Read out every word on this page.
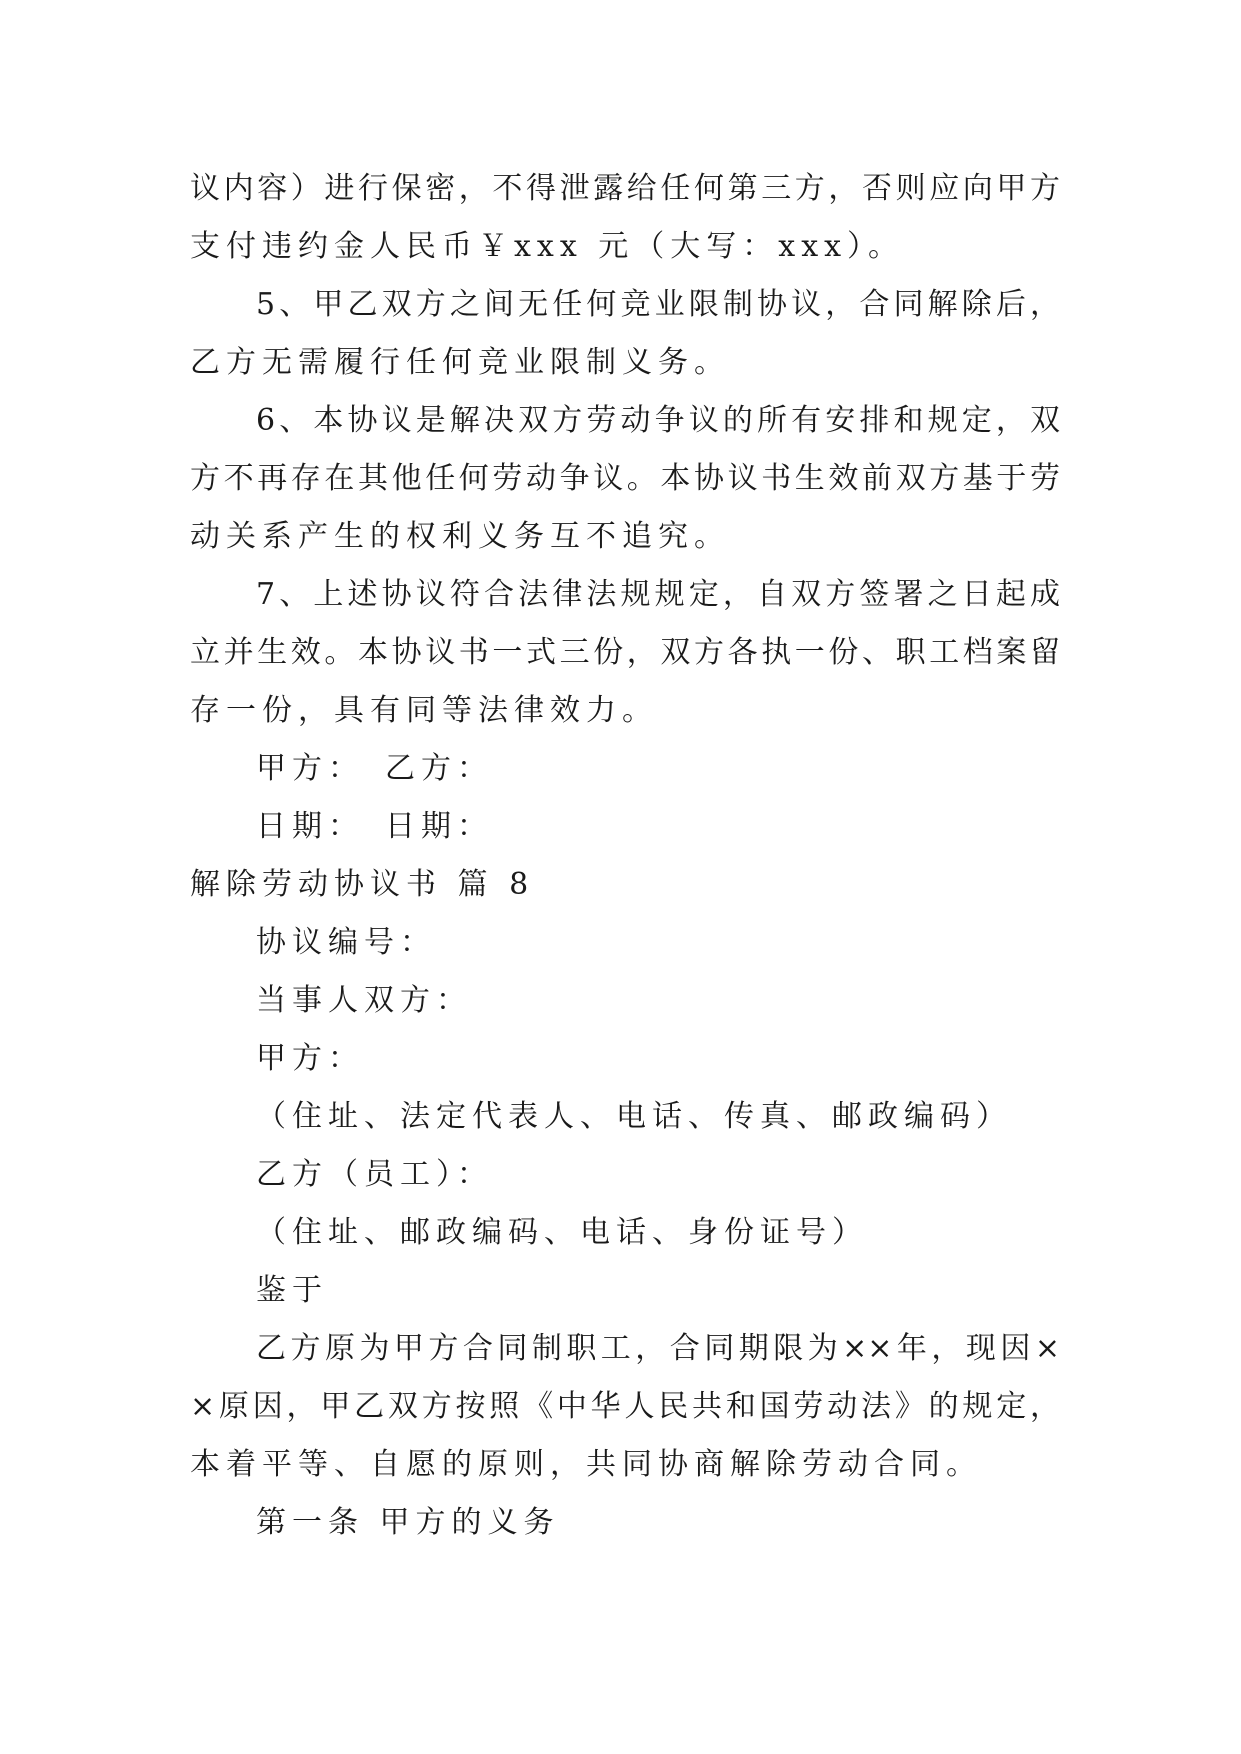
议内容）进行保密，不得泄露给任何第三方，否则应向甲方
支付违约金人民币￥xxx 元（大写：xxx）。
5、甲乙双方之间无任何竞业限制协议，合同解除后，
乙方无需履行任何竞业限制义务。
6、本协议是解决双方劳动争议的所有安排和规定，双
方不再存在其他任何劳动争议。本协议书生效前双方基于劳
动关系产生的权利义务互不追究。
7、上述协议符合法律法规规定，自双方签署之日起成
立并生效。本协议书一式三份，双方各执一份、职工档案留
存一份，具有同等法律效力。
甲方：　乙方：
日期：　日期：
解除劳动协议书 篇 8
协议编号：
当事人双方：
甲方：
（住址、法定代表人、电话、传真、邮政编码）
乙方（员工）：
（住址、邮政编码、电话、身份证号）
鉴于
乙方原为甲方合同制职工，合同期限为××年，现因×
×原因，甲乙双方按照《中华人民共和国劳动法》的规定，
本着平等、自愿的原则，共同协商解除劳动合同。
第一条 甲方的义务
